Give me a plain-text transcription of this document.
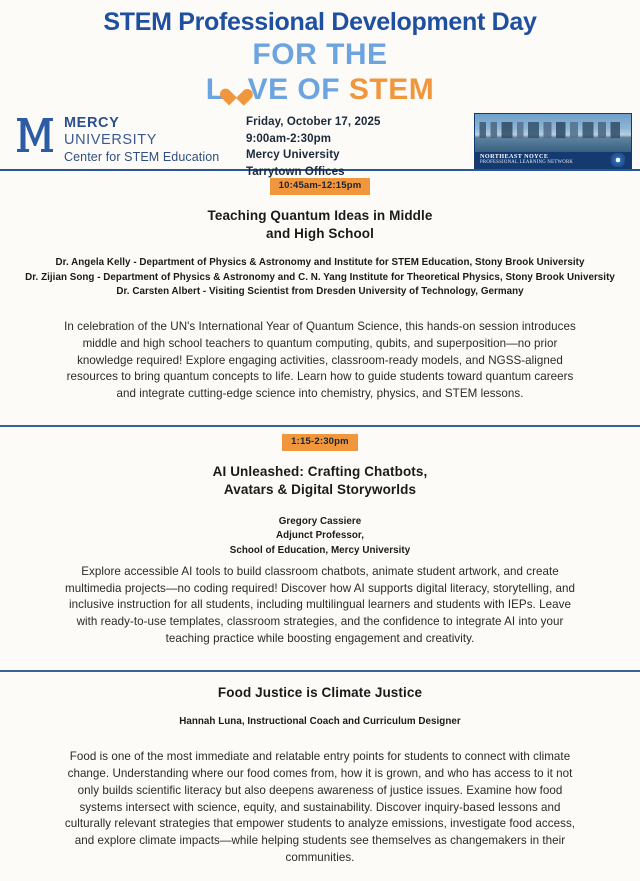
STEM Professional Development Day
FOR THE
L VE OF STEM
MERCY
UNIVERSITY
Center for STEM Education
Friday, October 17, 2025
9:00am-2:30pm
Mercy University
Tarrytown Offices
NORTHEAST NOYCE
PROFESSIONAL LEARNING NETWORK
10:45am-12:15pm
Teaching Quantum Ideas in Middle
and High School
Dr. Angela Kelly - Department of Physics & Astronomy and Institute for STEM Education, Stony Brook University
Dr. Zijian Song - Department of Physics & Astronomy and C. N. Yang Institute for Theoretical Physics, Stony Brook University
Dr. Carsten Albert - Visiting Scientist from Dresden University of Technology, Germany
In celebration of the UN's International Year of Quantum Science, this hands-on session introduces middle and high school teachers to quantum computing, qubits, and superposition—no prior knowledge required! Explore engaging activities, classroom-ready models, and NGSS-aligned resources to bring quantum concepts to life. Learn how to guide students toward quantum careers and integrate cutting-edge science into chemistry, physics, and STEM lessons.
1:15-2:30pm
AI Unleashed: Crafting Chatbots,
Avatars & Digital Storyworlds
Gregory Cassiere
Adjunct Professor,
School of Education, Mercy University
Explore accessible AI tools to build classroom chatbots, animate student artwork, and create multimedia projects—no coding required! Discover how AI supports digital literacy, storytelling, and inclusive instruction for all students, including multilingual learners and students with IEPs. Leave with ready-to-use templates, classroom strategies, and the confidence to integrate AI into your teaching practice while boosting engagement and creativity.
Food Justice is Climate Justice
Hannah Luna, Instructional Coach and Curriculum Designer
Food is one of the most immediate and relatable entry points for students to connect with climate change. Understanding where our food comes from, how it is grown, and who has access to it not only builds scientific literacy but also deepens awareness of justice issues. Examine how food systems intersect with science, equity, and sustainability. Discover inquiry-based lessons and culturally relevant strategies that empower students to analyze emissions, investigate food access, and explore climate impacts—while helping students see themselves as changemakers in their communities.
